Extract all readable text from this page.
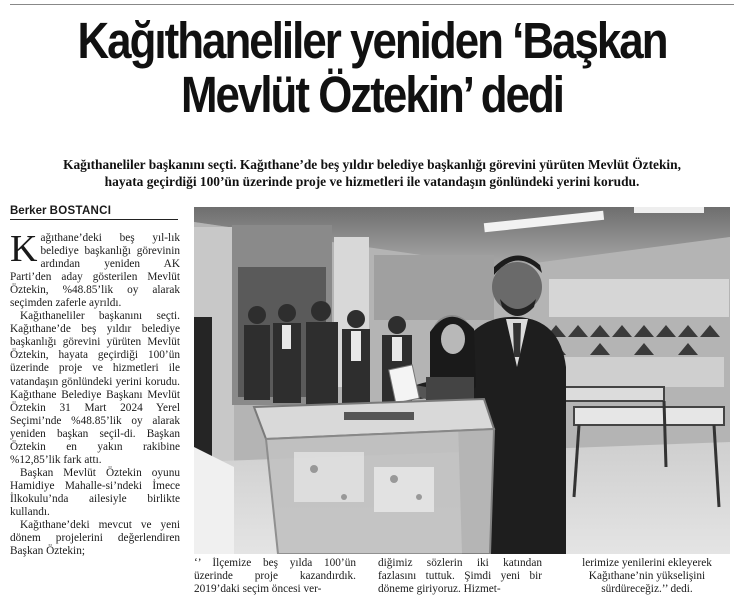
Kağıthaneliler yeniden ‘Başkan
Mevlüt Öztekin’ dedi

Kağıthaneliler başkanını seçti. Kağıthane’de beş yıldır belediye başkanlığı görevini yürüten Mevlüt Öztekin,
hayata geçirdiği 100’ün üzerinde proje ve hizmetleri ile vatandaşın gönlündeki yerini korudu.

Berker BOSTANCI

Kağıthane’deki beş yıl-lık belediye başkanlığı görevinin ardından yeniden AK Parti’den aday gösterilen Mevlüt Öztekin, %48.85’lik oy alarak seçimden zaferle ayrıldı.

Kağıthaneliler başkanını seçti. Kağıthane’de beş yıldır belediye başkanlığı görevini yürüten Mevlüt Öztekin, hayata geçirdiği 100’ün üzerinde proje ve hizmetleri ile vatandaşın gönlündeki yerini korudu. Kağıthane Belediye Başkanı Mevlüt Öztekin 31 Mart 2024 Yerel Seçimi’nde %48.85’lik oy alarak yeniden başkan seçil-di. Başkan Öztekin en yakın rakibine %12,85’lik fark attı.

Başkan Mevlüt Öztekin oyunu Hamidiye Mahalle-si’ndeki İmece İlkokulu’nda ailesiyle birlikte kullandı.

Kağıthane’deki mevcut ve yeni dönem projelerini değerlendiren Başkan Öztekin;

‘’ İlçemize beş yılda 100’ün üzerinde proje kazandırdık. 2019’daki seçim öncesi ver-

diğimiz sözlerin iki katından fazlasını tuttuk. Şimdi yeni bir döneme giriyoruz. Hizmet-

lerimize yenilerini ekleyerek Kağıthane’nin yükselişini sürdüreceğiz.’’ dedi.
